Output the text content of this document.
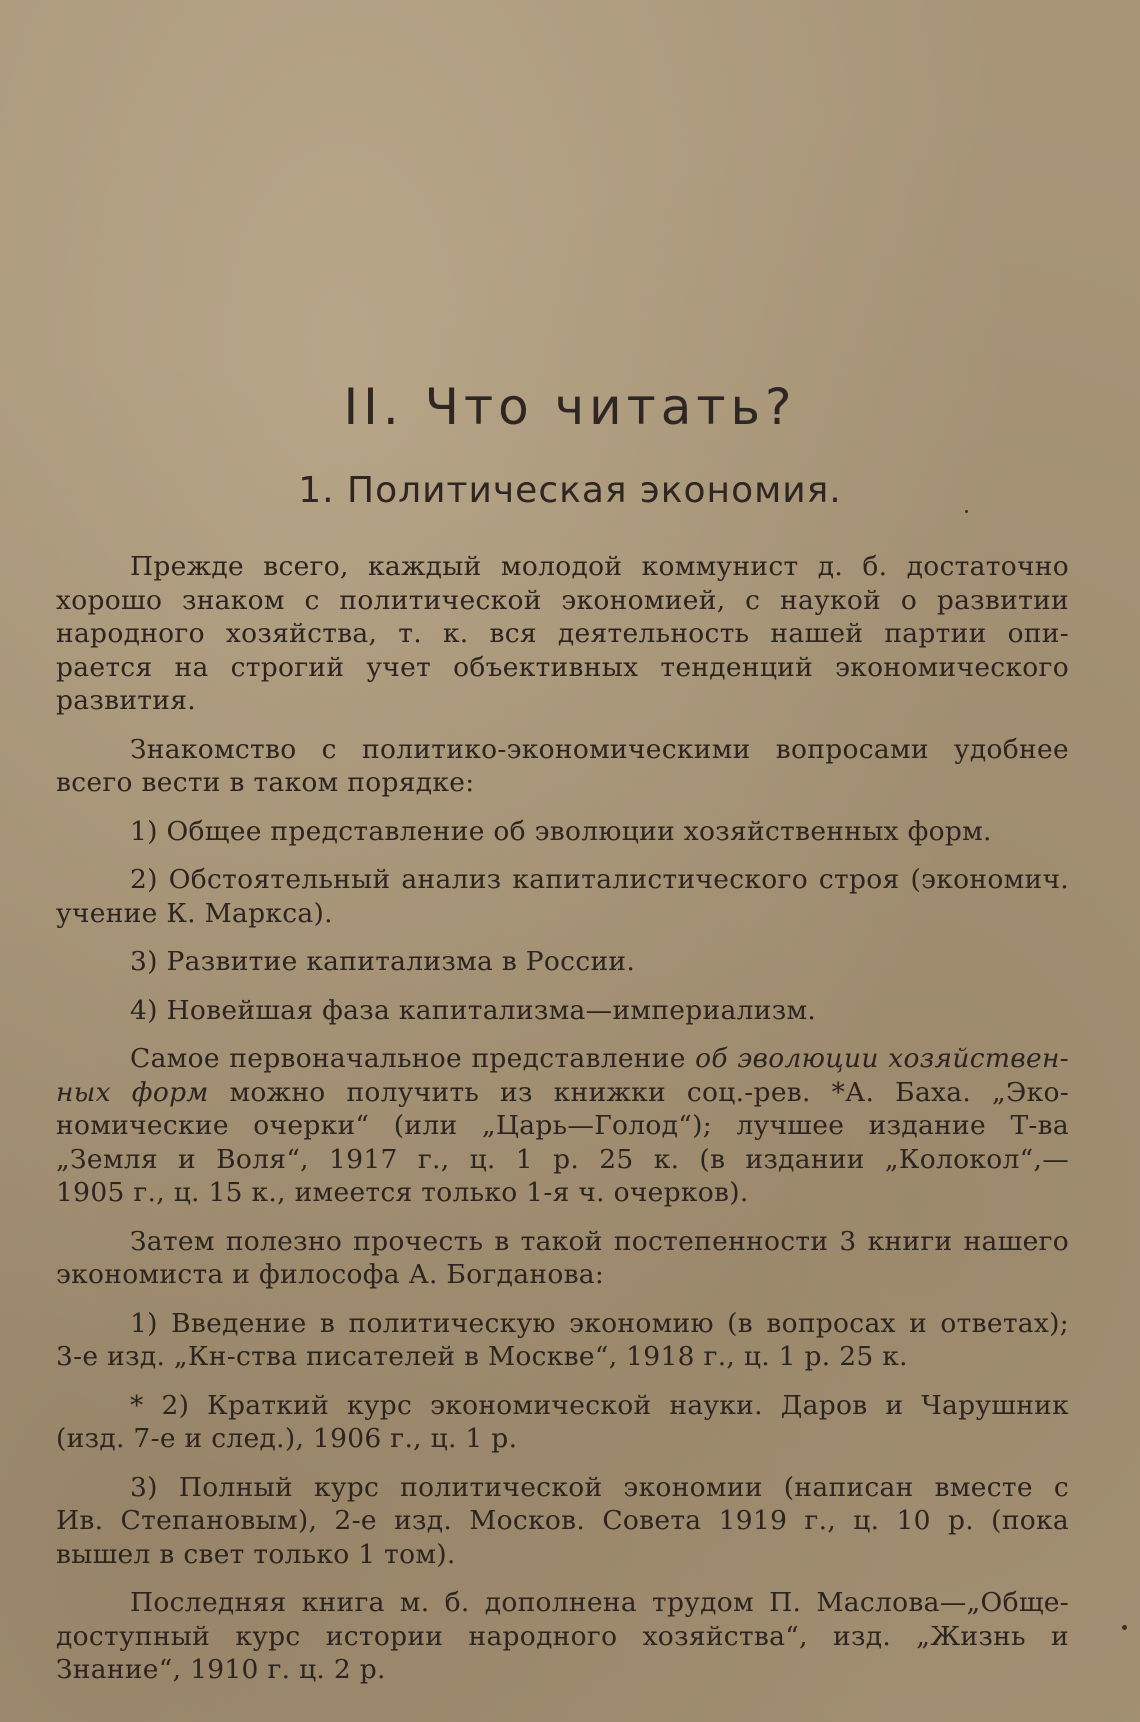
II. Что читать?
1. Политическая экономия.
Прежде всего, каждый молодой коммунист д. б. достаточно
хорошо знаком с политической экономией, с наукой о развитии
народного хозяйства, т. к. вся деятельность нашей партии опи-
рается на строгий учет объективных тенденций экономического
развития.
Знакомство с политико-экономическими вопросами удобнее
всего вести в таком порядке:
1) Общее представление об эволюции хозяйственных форм.
2) Обстоятельный анализ капиталистического строя (экономич.
учение К. Маркса).
3) Развитие капитализма в России.
4) Новейшая фаза капитализма—империализм.
Самое первоначальное представление об эволюции хозяйствен-
ных форм можно получить из книжки соц.-рев. *А. Баха. „Эко-
номические очерки“ (или „Царь—Голод“); лучшее издание Т-ва
„Земля и Воля“, 1917 г., ц. 1 р. 25 к. (в издании „Колокол“,—
1905 г., ц. 15 к., имеется только 1-я ч. очерков).
Затем полезно прочесть в такой постепенности 3 книги нашего
экономиста и философа А. Богданова:
1) Введение в политическую экономию (в вопросах и ответах);
3-е изд. „Кн-ства писателей в Москве“, 1918 г., ц. 1 р. 25 к.
* 2) Краткий курс экономической науки. Даров и Чарушник
(изд. 7-е и след.), 1906 г., ц. 1 р.
3) Полный курс политической экономии (написан вместе с
Ив. Степановым), 2-е изд. Москов. Совета 1919 г., ц. 10 р. (пока
вышел в свет только 1 том).
Последняя книга м. б. дополнена трудом П. Маслова—„Обще-
доступный курс истории народного хозяйства“, изд. „Жизнь и
Знание“, 1910 г. ц. 2 р.
